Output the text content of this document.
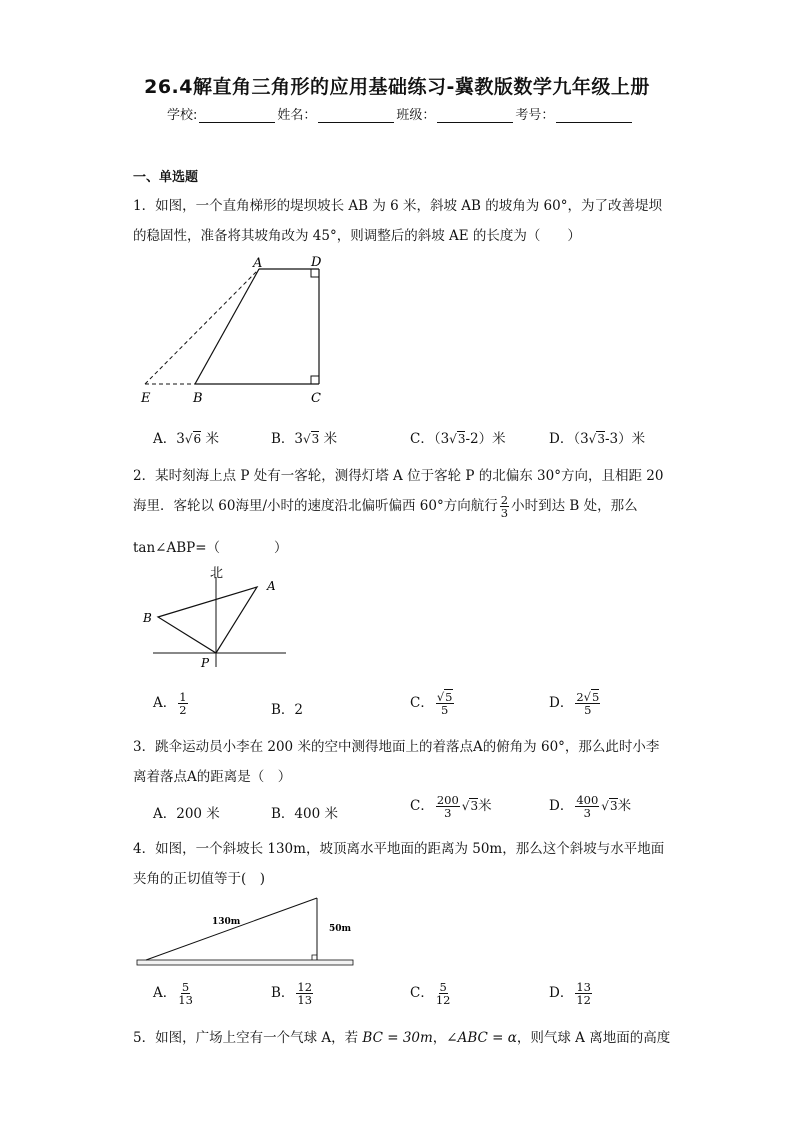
26.4解直角三角形的应用基础练习-冀教版数学九年级上册
学校:	姓名：	班级：	考号：
一、单选题
1．如图，一个直角梯形的堤坝坡长 AB 为 6 米，斜坡 AB 的坡角为 60°，为了改善堤坝
的稳固性，准备将其坡角改为 45°，则调整后的斜坡 AE 的长度为（　　）
A	D
E	B	C
A．3√6 米	B．3√3 米	C．（3√3-2）米	D．（3√3-3）米
2．某时刻海上点 P 处有一客轮，测得灯塔 A 位于客轮 P 的北偏东 30°方向，且相距 20
海里．客轮以 60海里/小时的速度沿北偏听偏西 60°方向航行 $\frac{2}{3}$ 小时到达 B 处，那么
tan∠ABP=（　　　　）
北
A
B
P
A． $\frac{1}{2}$	B．2	C． $\frac{√5}{5}$	D． $\frac{2√5}{5}$
3．跳伞运动员小李在 200 米的空中测得地面上的着落点A的俯角为 60°，那么此时小李
离着落点A的距离是（　）
A．200 米	B．400 米	C． $\frac{200}{3} √3$米	D． $\frac{400}{3} √3$米
4．如图，一个斜坡长 130m，坡顶离水平地面的距离为 50m，那么这个斜坡与水平地面
夹角的正切值等于(　)
130m
50m
A． $\frac{5}{13}$	B． $\frac{12}{13}$	C． $\frac{5}{12}$	D． $\frac{13}{12}$
5．如图，广场上空有一个气球 A，若 BC = 30m，∠ABC = α，则气球 A 离地面的高度
